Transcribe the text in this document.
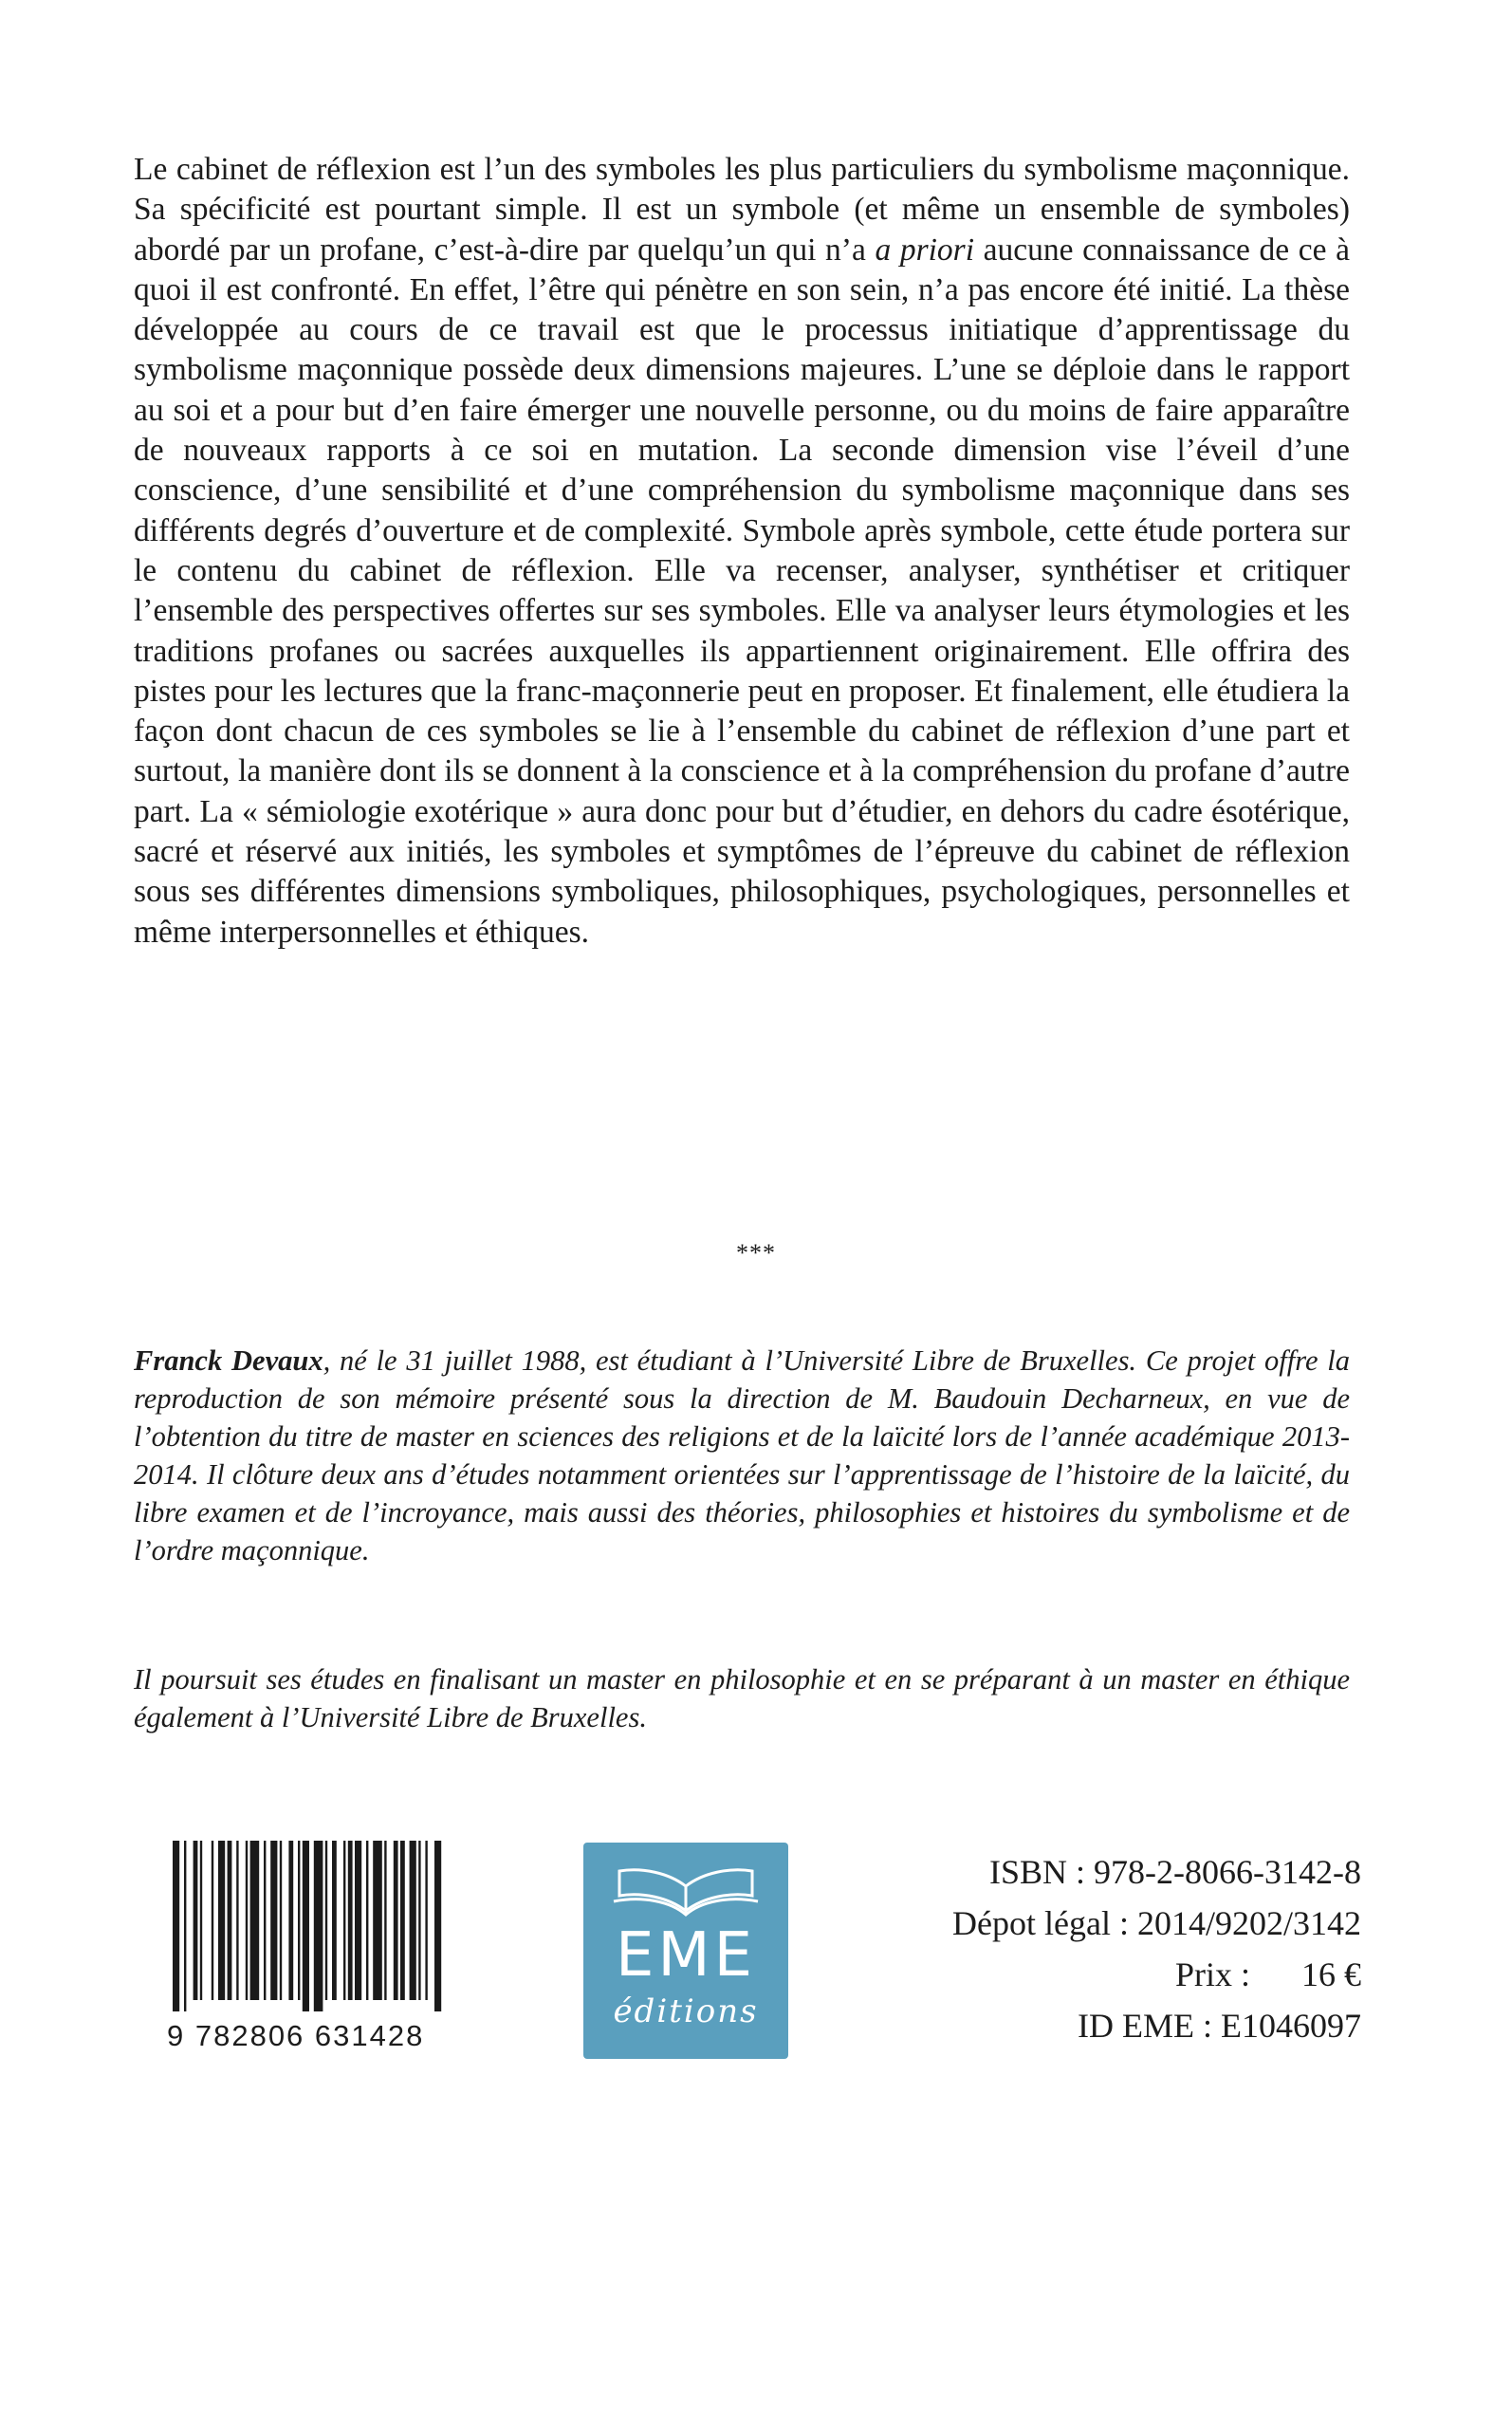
Le cabinet de réflexion est l’un des symboles les plus particuliers du symbolisme maçonnique. Sa spécificité est pourtant simple. Il est un symbole (et même un ensemble de symboles) abordé par un profane, c’est-à-dire par quelqu’un qui n’a a priori aucune connaissance de ce à quoi il est confronté. En effet, l’être qui pénètre en son sein, n’a pas encore été initié. La thèse développée au cours de ce travail est que le processus initiatique d’apprentissage du symbolisme maçonnique possède deux dimensions majeures. L’une se déploie dans le rapport au soi et a pour but d’en faire émerger une nouvelle personne, ou du moins de faire apparaître de nouveaux rapports à ce soi en mutation. La seconde dimension vise l’éveil d’une conscience, d’une sensibilité et d’une compréhension du symbolisme maçonnique dans ses différents degrés d’ouverture et de complexité. Symbole après symbole, cette étude portera sur le contenu du cabinet de réflexion. Elle va recenser, analyser, synthétiser et critiquer l’ensemble des perspectives offertes sur ses symboles. Elle va analyser leurs étymologies et les traditions profanes ou sacrées auxquelles ils appartiennent originairement. Elle offrira des pistes pour les lectures que la franc-maçonnerie peut en proposer. Et finalement, elle étudiera la façon dont chacun de ces symboles se lie à l’ensemble du cabinet de réflexion d’une part et surtout, la manière dont ils se donnent à la conscience et à la compréhension du profane d’autre part. La « sémiologie exotérique » aura donc pour but d’étudier, en dehors du cadre ésotérique, sacré et réservé aux initiés, les symboles et symptômes de l’épreuve du cabinet de réflexion sous ses différentes dimensions symboliques, philosophiques, psychologiques, personnelles et même interpersonnelles et éthiques.

***

Franck Devaux, né le 31 juillet 1988, est étudiant à l’Université Libre de Bruxelles. Ce projet offre la reproduction de son mémoire présenté sous la direction de M. Baudouin Decharneux, en vue de l’obtention du titre de master en sciences des religions et de la laïcité lors de l’année académique 2013-2014. Il clôture deux ans d’études notamment orientées sur l’apprentissage de l’histoire de la laïcité, du libre examen et de l’incroyance, mais aussi des théories, philosophies et histoires du symbolisme et de l’ordre maçonnique.

Il poursuit ses études en finalisant un master en philosophie et en se préparant à un master en éthique également à l’Université Libre de Bruxelles.

9 782806 631428
EME
éditions
ISBN : 978-2-8066-3142-8
Dépot légal : 2014/9202/3142
Prix :      16 €
ID EME : E1046097
